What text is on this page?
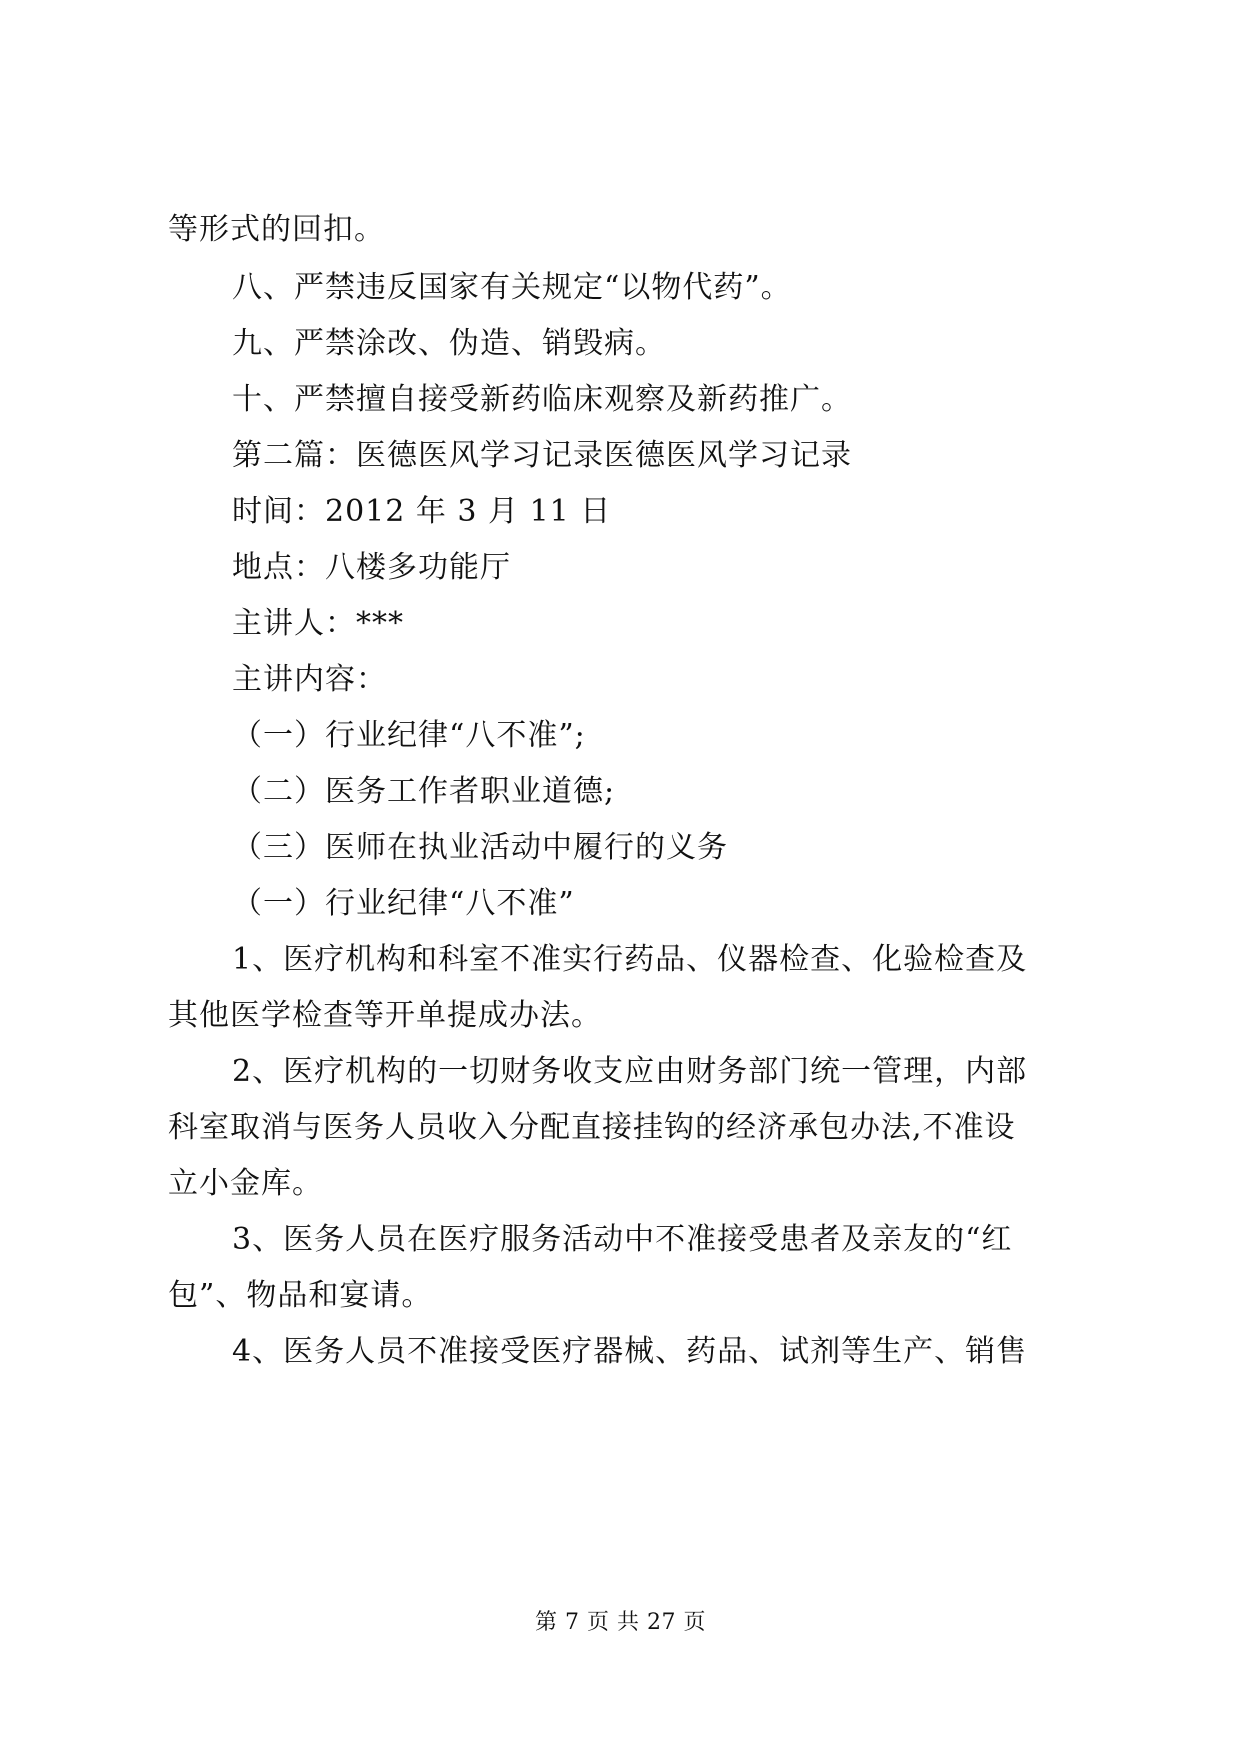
等形式的回扣。
八、严禁违反国家有关规定“以物代药”。
九、严禁涂改、伪造、销毁病。
十、严禁擅自接受新药临床观察及新药推广。
第二篇：医德医风学习记录医德医风学习记录
时间：2012 年 3 月 11 日
地点：八楼多功能厅
主讲人：***
主讲内容：
（一）行业纪律“八不准”;
（二）医务工作者职业道德;
（三）医师在执业活动中履行的义务
（一）行业纪律“八不准”
1、医疗机构和科室不准实行药品、仪器检查、化验检查及
其他医学检查等开单提成办法。
2、医疗机构的一切财务收支应由财务部门统一管理，内部
科室取消与医务人员收入分配直接挂钩的经济承包办法,不准设
立小金库。
3、医务人员在医疗服务活动中不准接受患者及亲友的“红
包”、物品和宴请。
4、医务人员不准接受医疗器械、药品、试剂等生产、销售
第 7 页 共 27 页
